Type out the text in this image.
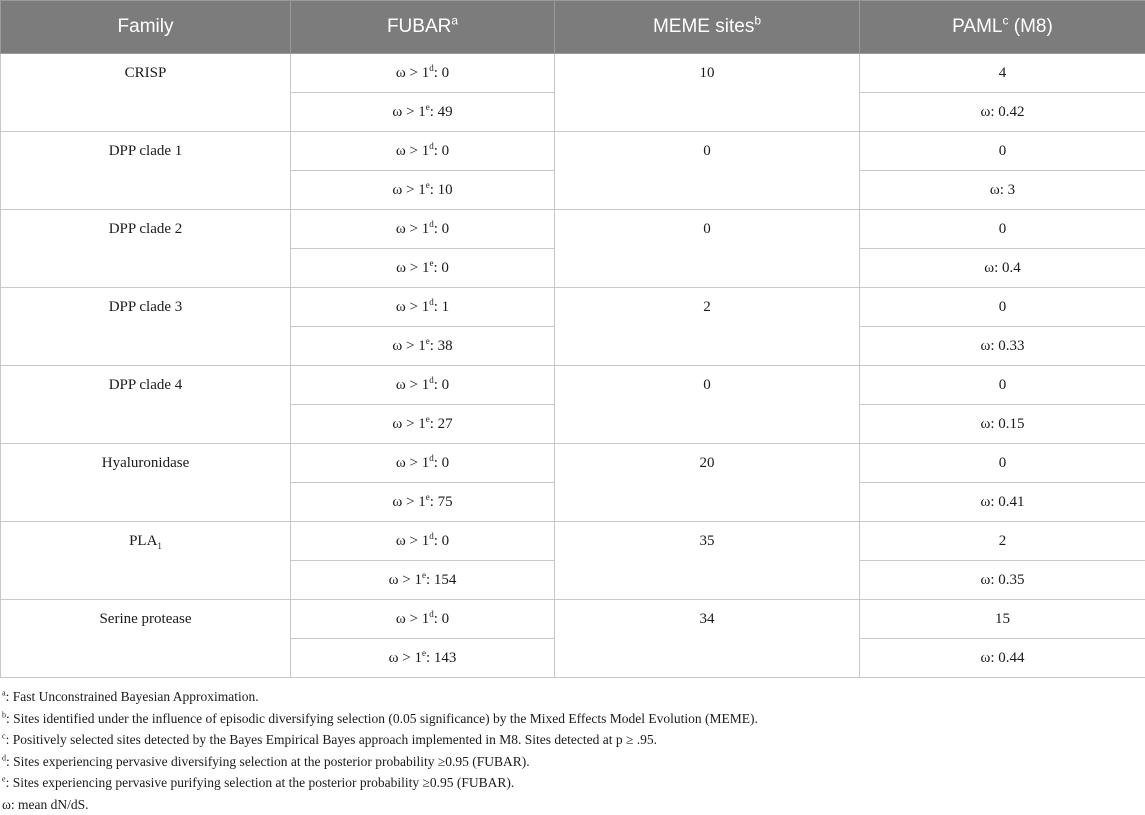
Family	FUBAR$^a$	MEME sites$^b$	PAML$^c$ (M8)
CRISP	$\omega > 1^d$: 0	10	4
	$\omega > 1^e$: 49		ω: 0.42
DPP clade 1	$\omega > 1^d$: 0	0	0
	$\omega > 1^e$: 10		ω: 3
DPP clade 2	$\omega > 1^d$: 0	0	0
	$\omega > 1^e$: 0		ω: 0.4
DPP clade 3	$\omega > 1^d$: 1	2	0
	$\omega > 1^e$: 38		ω: 0.33
DPP clade 4	$\omega > 1^d$: 0	0	0
	$\omega > 1^e$: 27		ω: 0.15
Hyaluronidase	$\omega > 1^d$: 0	20	0
	$\omega > 1^e$: 75		ω: 0.41
$PLA_1$	$\omega > 1^d$: 0	35	2
	$\omega > 1^e$: 154		ω: 0.35
Serine protease	$\omega > 1^d$: 0	34	15
	$\omega > 1^e$: 143		ω: 0.44
$^a$: Fast Unconstrained Bayesian Approximation.
$^b$: Sites identified under the influence of episodic diversifying selection (0.05 significance) by the Mixed Effects Model Evolution (MEME).
$^c$: Positively selected sites detected by the Bayes Empirical Bayes approach implemented in M8. Sites detected at p ≥ .95.
$^d$: Sites experiencing pervasive diversifying selection at the posterior probability ≥0.95 (FUBAR).
$^e$: Sites experiencing pervasive purifying selection at the posterior probability ≥0.95 (FUBAR).
ω: mean dN/dS.
